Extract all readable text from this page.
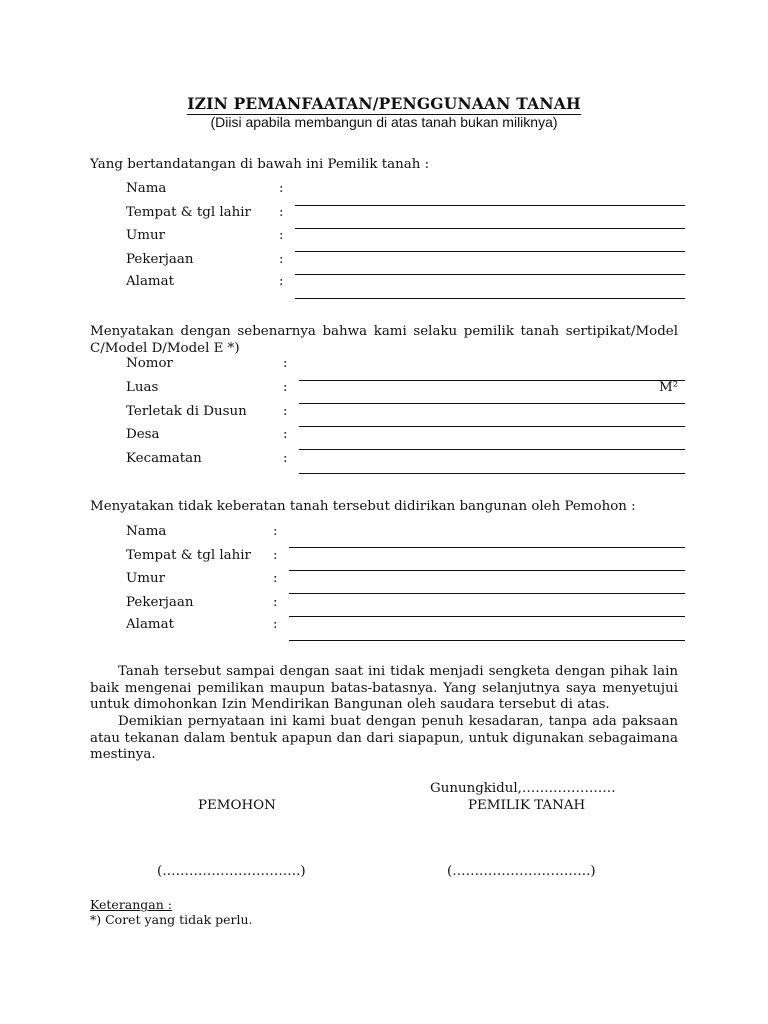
IZIN PEMANFAATAN/PENGGUNAAN TANAH
(Diisi apabila membangun di atas tanah bukan miliknya)
Yang bertandatangan di bawah ini Pemilik tanah :
Nama	:
Tempat & tgl lahir :
Umur	:
Pekerjaan	:
Alamat	:
Menyatakan dengan sebenarnya bahwa kami selaku pemilik tanah sertipikat/Model C/Model D/Model E *)
Nomor	:
Luas	:	M²
Terletak di Dusun	:
Desa	:
Kecamatan	:
Menyatakan tidak keberatan tanah tersebut didirikan bangunan oleh Pemohon :
Nama	:
Tempat & tgl lahir :
Umur	:
Pekerjaan	:
Alamat	:
Tanah tersebut sampai dengan saat ini tidak menjadi sengketa dengan pihak lain baik mengenai pemilikan maupun batas-batasnya. Yang selanjutnya saya menyetujui untuk dimohonkan Izin Mendirikan Bangunan oleh saudara tersebut di atas.
Demikian pernyataan ini kami buat dengan penuh kesadaran, tanpa ada paksaan atau tekanan dalam bentuk apapun dan dari siapapun, untuk digunakan sebagaimana mestinya.
Gunungkidul,…………………
PEMOHON	PEMILIK TANAH
(………………………….)	(………………………….)
Keterangan :
*) Coret yang tidak perlu.
